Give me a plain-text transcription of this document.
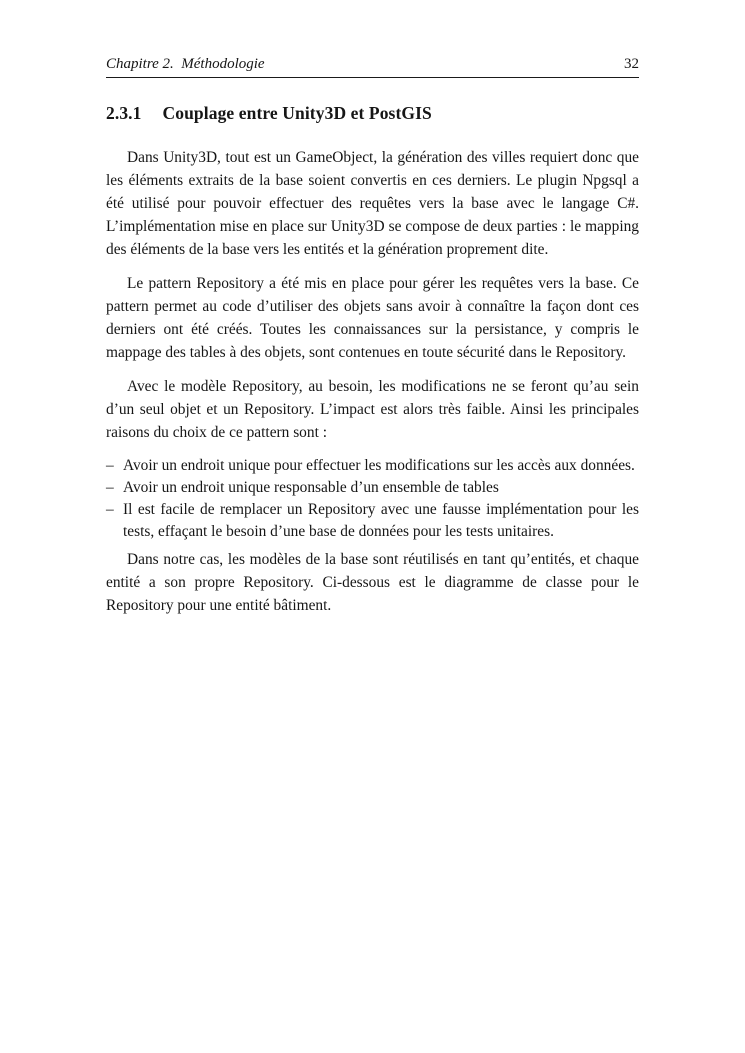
Chapitre 2.  Méthodologie	32
2.3.1 Couplage entre Unity3D et PostGIS

Dans Unity3D, tout est un GameObject, la génération des villes requiert donc que les éléments extraits de la base soient convertis en ces derniers. Le plugin Npgsql a été utilisé pour pouvoir effectuer des requêtes vers la base avec le langage C#. L’implémentation mise en place sur Unity3D se compose de deux parties : le mapping des éléments de la base vers les entités et la génération proprement dite.

Le pattern Repository a été mis en place pour gérer les requêtes vers la base. Ce pattern permet au code d’utiliser des objets sans avoir à connaître la façon dont ces derniers ont été créés. Toutes les connaissances sur la persistance, y compris le mappage des tables à des objets, sont contenues en toute sécurité dans le Repository.

Avec le modèle Repository, au besoin, les modifications ne se feront qu’au sein d’un seul objet et un Repository. L’impact est alors très faible. Ainsi les principales raisons du choix de ce pattern sont :

– Avoir un endroit unique pour effectuer les modifications sur les accès aux données.
– Avoir un endroit unique responsable d’un ensemble de tables
– Il est facile de remplacer un Repository avec une fausse implémentation pour les tests, effaçant le besoin d’une base de données pour les tests unitaires.

Dans notre cas, les modèles de la base sont réutilisés en tant qu’entités, et chaque entité a son propre Repository. Ci-dessous est le diagramme de classe pour le Repository pour une entité bâtiment.
